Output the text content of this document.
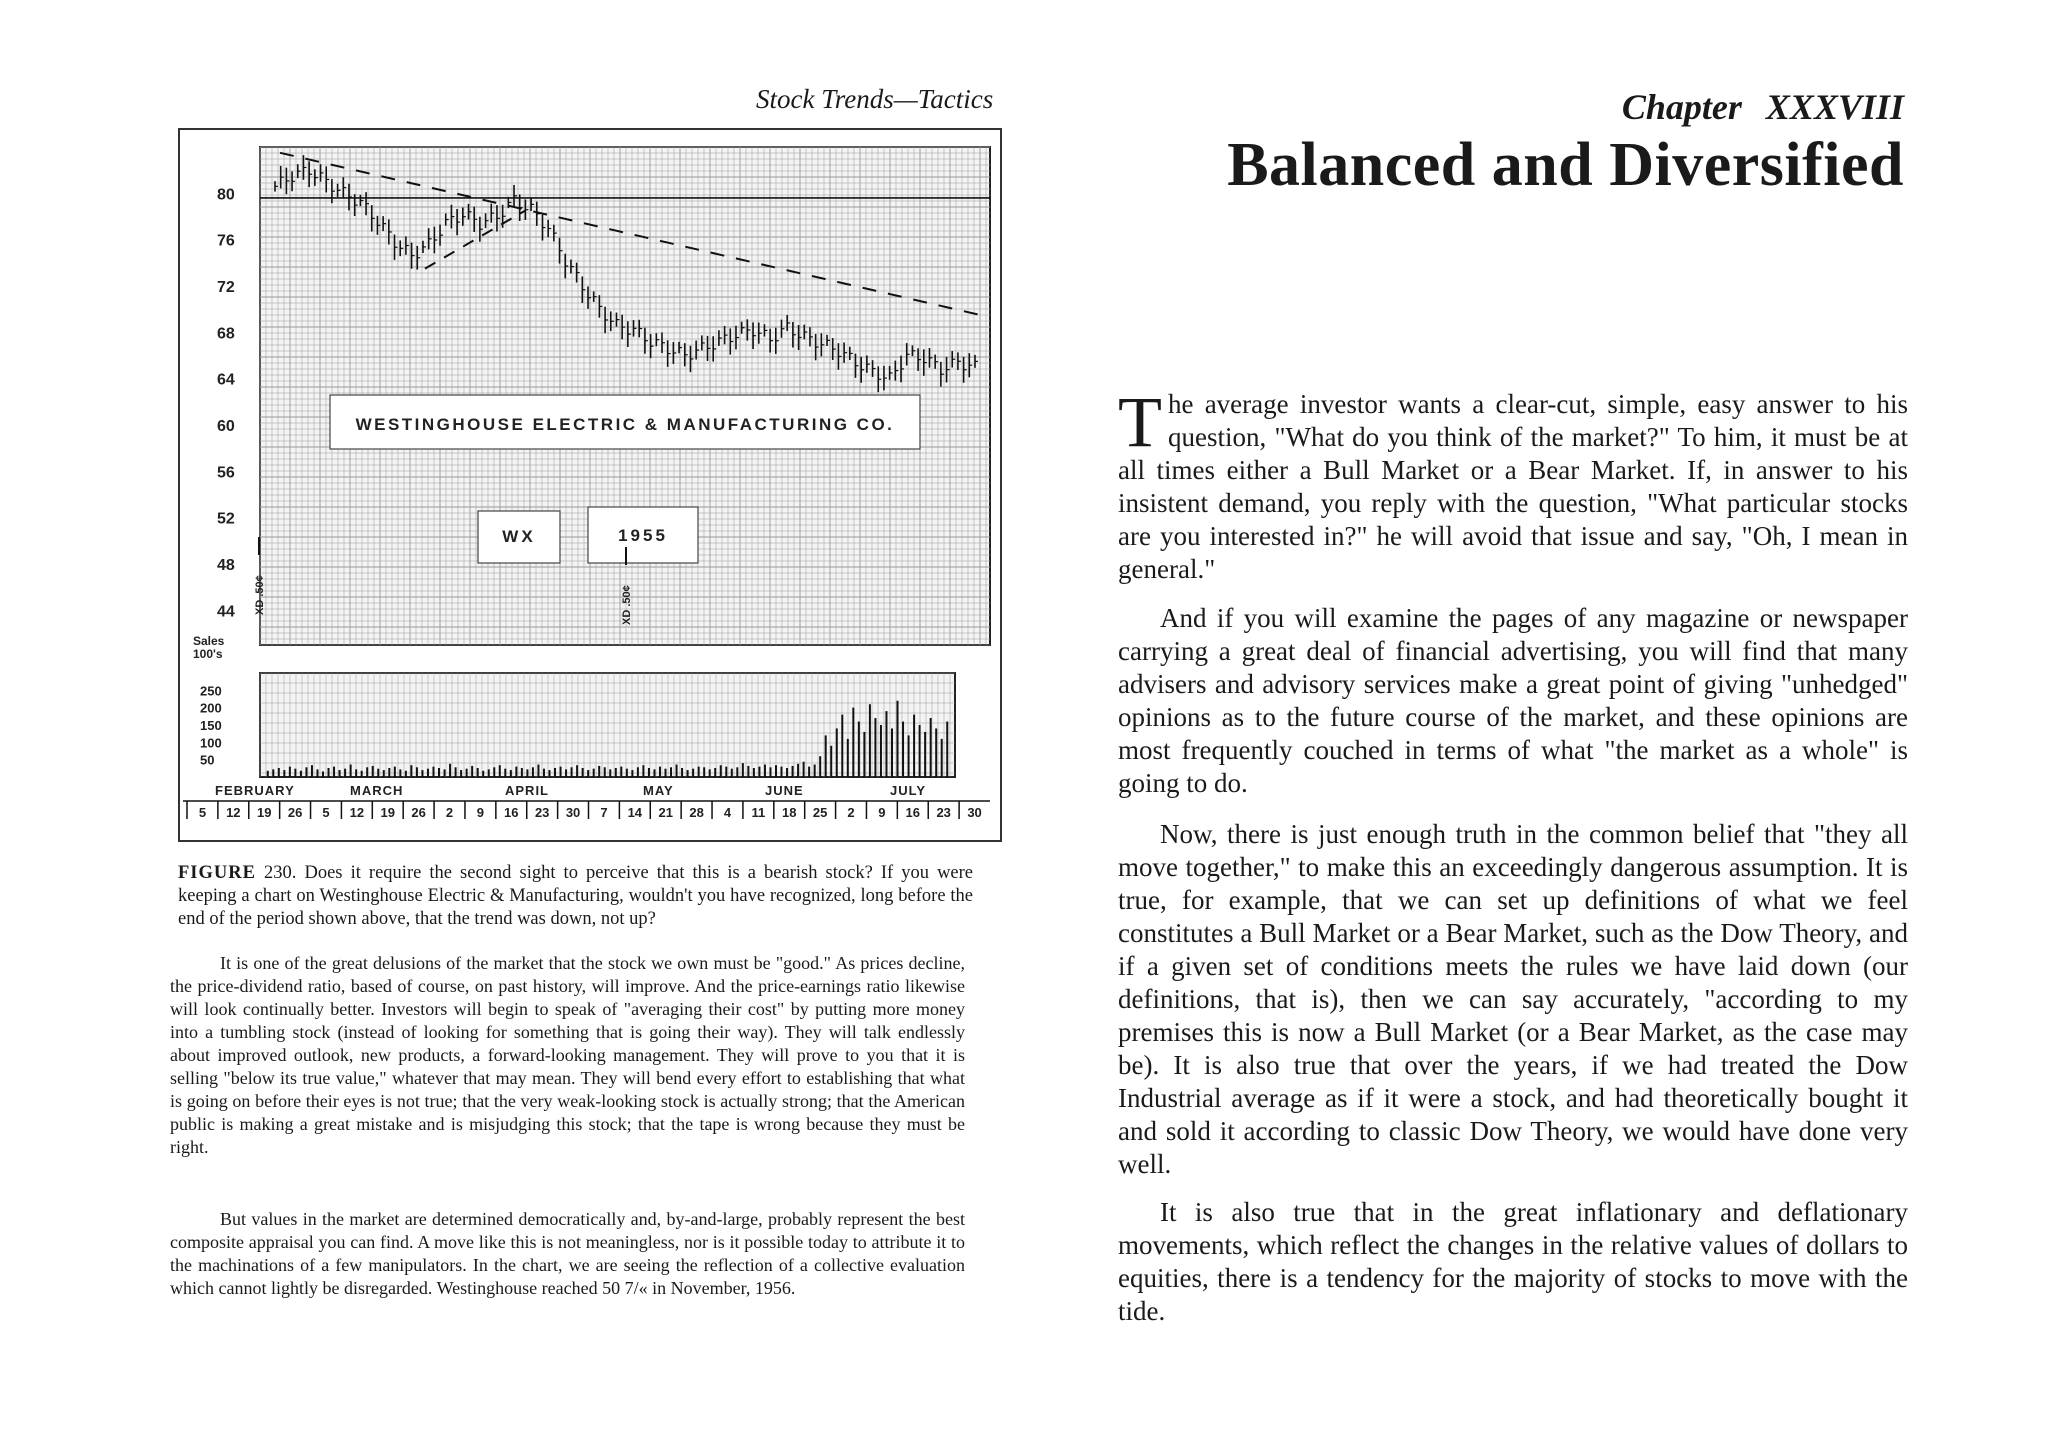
Stock Trends—Tactics
80
76
72
68
64
60
56
52
48
44
Sales
100's
250
200
150
100
50
WESTINGHOUSE ELECTRIC & MANUFACTURING CO.
WX	1955
XD .50¢	XD .50¢
FEBRUARY	MARCH	APRIL	MAY	JUNE	JULY
5 12 19 26 5 12 19 26 2 9 16 23 30 7 14 21 28 4 11 18 25 2 9 16 23 30
FIGURE 230. Does it require the second sight to perceive that this is a bearish stock? If you were keeping a chart on Westinghouse Electric & Manufacturing, wouldn't you have recognized, long before the end of the period shown above, that the trend was down, not up?

It is one of the great delusions of the market that the stock we own must be "good." As prices decline, the price-dividend ratio, based of course, on past history, will improve. And the price-earnings ratio likewise will look continually better. Investors will begin to speak of "averaging their cost" by putting more money into a tumbling stock (instead of looking for something that is going their way). They will talk endlessly about improved outlook, new products, a forward-looking management. They will prove to you that it is selling "below its true value," whatever that may mean. They will bend every effort to establishing that what is going on before their eyes is not true; that the very weak-looking stock is actually strong; that the American public is making a great mistake and is misjudging this stock; that the tape is wrong because they must be right.

But values in the market are determined democratically and, by-and-large, probably represent the best composite appraisal you can find. A move like this is not meaningless, nor is it possible today to attribute it to the machinations of a few manipulators. In the chart, we are seeing the reflection of a collective evaluation which cannot lightly be disregarded. Westinghouse reached 50 7/« in November, 1956.

Chapter XXXVIII
Balanced and Diversified

The average investor wants a clear-cut, simple, easy answer to his question, "What do you think of the market?" To him, it must be at all times either a Bull Market or a Bear Market. If, in answer to his insistent demand, you reply with the question, "What particular stocks are you interested in?" he will avoid that issue and say, "Oh, I mean in general."

And if you will examine the pages of any magazine or newspaper carrying a great deal of financial advertising, you will find that many advisers and advisory services make a great point of giving "unhedged" opinions as to the future course of the market, and these opinions are most frequently couched in terms of what "the market as a whole" is going to do.

Now, there is just enough truth in the common belief that "they all move together," to make this an exceedingly dangerous assumption. It is true, for example, that we can set up definitions of what we feel constitutes a Bull Market or a Bear Market, such as the Dow Theory, and if a given set of conditions meets the rules we have laid down (our definitions, that is), then we can say accurately, "according to my premises this is now a Bull Market (or a Bear Market, as the case may be). It is also true that over the years, if we had treated the Dow Industrial average as if it were a stock, and had theoretically bought it and sold it according to classic Dow Theory, we would have done very well.

It is also true that in the great inflationary and deflationary movements, which reflect the changes in the relative values of dollars to equities, there is a tendency for the majority of stocks to move with the tide.
